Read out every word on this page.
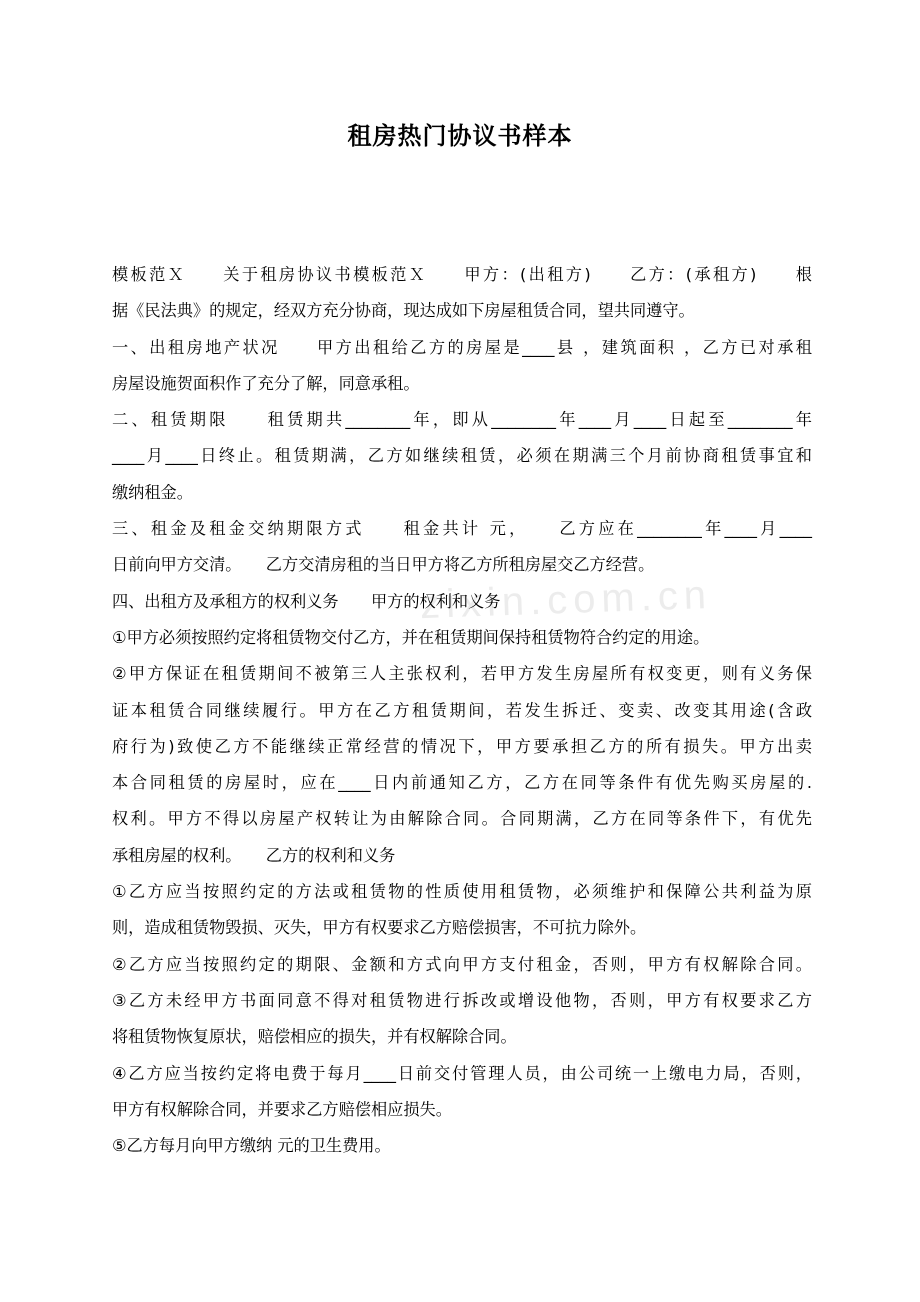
租房热门协议书样本
zixin.com.cn
模板范Ｘ　　关于租房协议书模板范Ｘ　　甲方：(出租方)　　乙方：(承租方)　　根
据《民法典》的规定，经双方充分协商，现达成如下房屋租赁合同，望共同遵守。
一、出租房地产状况　　甲方出租给乙方的房屋是____县 ，建筑面积 ，乙方已对承租
房屋设施贺面积作了充分了解，同意承租。
二、租赁期限　　租赁期共________年，即从________年____月____日起至________年
____月____日终止。租赁期满，乙方如继续租赁，必须在期满三个月前协商租赁事宜和
缴纳租金。
三、租金及租金交纳期限方式　　租金共计 元，　　乙方应在________年____月____
日前向甲方交清。　　乙方交清房租的当日甲方将乙方所租房屋交乙方经营。
四、出租方及承租方的权利义务　　甲方的权利和义务
①甲方必须按照约定将租赁物交付乙方，并在租赁期间保持租赁物符合约定的用途。
②甲方保证在租赁期间不被第三人主张权利，若甲方发生房屋所有权变更，则有义务保
证本租赁合同继续履行。甲方在乙方租赁期间，若发生拆迁、变卖、改变其用途(含政
府行为)致使乙方不能继续正常经营的情况下，甲方要承担乙方的所有损失。甲方出卖
本合同租赁的房屋时，应在____日内前通知乙方，乙方在同等条件有优先购买房屋的.
权利。甲方不得以房屋产权转让为由解除合同。合同期满，乙方在同等条件下，有优先
承租房屋的权利。　　乙方的权利和义务
①乙方应当按照约定的方法或租赁物的性质使用租赁物，必须维护和保障公共利益为原
则，造成租赁物毁损、灭失，甲方有权要求乙方赔偿损害，不可抗力除外。
②乙方应当按照约定的期限、金额和方式向甲方支付租金，否则，甲方有权解除合同。
③乙方未经甲方书面同意不得对租赁物进行拆改或增设他物，否则，甲方有权要求乙方
将租赁物恢复原状，赔偿相应的损失，并有权解除合同。
④乙方应当按约定将电费于每月____日前交付管理人员，由公司统一上缴电力局，否则，
甲方有权解除合同，并要求乙方赔偿相应损失。
⑤乙方每月向甲方缴纳 元的卫生费用。
